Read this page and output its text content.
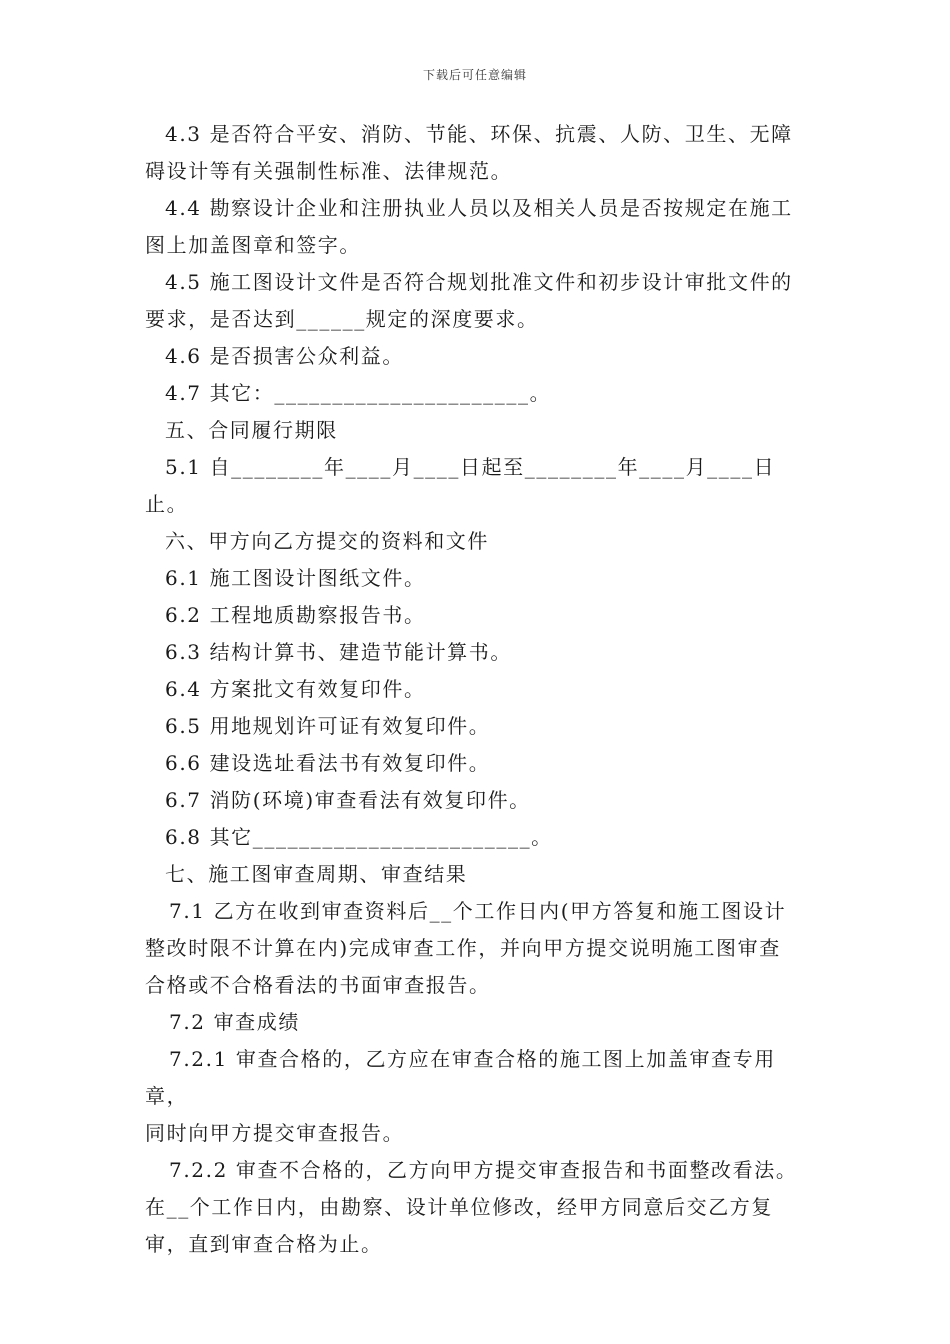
下载后可任意编辑

4.3 是否符合平安、消防、节能、环保、抗震、人防、卫生、无障

碍设计等有关强制性标准、法律规范。

4.4 勘察设计企业和注册执业人员以及相关人员是否按规定在施工

图上加盖图章和签字。

4.5 施工图设计文件是否符合规划批准文件和初步设计审批文件的

要求，是否达到______规定的深度要求。

4.6 是否损害公众利益。

4.7 其它：______________________。

五、合同履行期限

5.1 自________年____月____日起至________年____月____日止。

六、甲方向乙方提交的资料和文件

6.1 施工图设计图纸文件。

6.2 工程地质勘察报告书。

6.3 结构计算书、建造节能计算书。

6.4 方案批文有效复印件。

6.5 用地规划许可证有效复印件。

6.6 建设选址看法书有效复印件。

6.7 消防(环境)审查看法有效复印件。

6.8 其它________________________。

七、施工图审查周期、审查结果

7.1 乙方在收到审查资料后__个工作日内(甲方答复和施工图设计

整改时限不计算在内)完成审查工作，并向甲方提交说明施工图审查

合格或不合格看法的书面审查报告。

7.2 审查成绩

7.2.1 审查合格的，乙方应在审查合格的施工图上加盖审查专用章，

同时向甲方提交审查报告。

7.2.2 审查不合格的，乙方向甲方提交审查报告和书面整改看法。

在__个工作日内，由勘察、设计单位修改，经甲方同意后交乙方复

审，直到审查合格为止。
